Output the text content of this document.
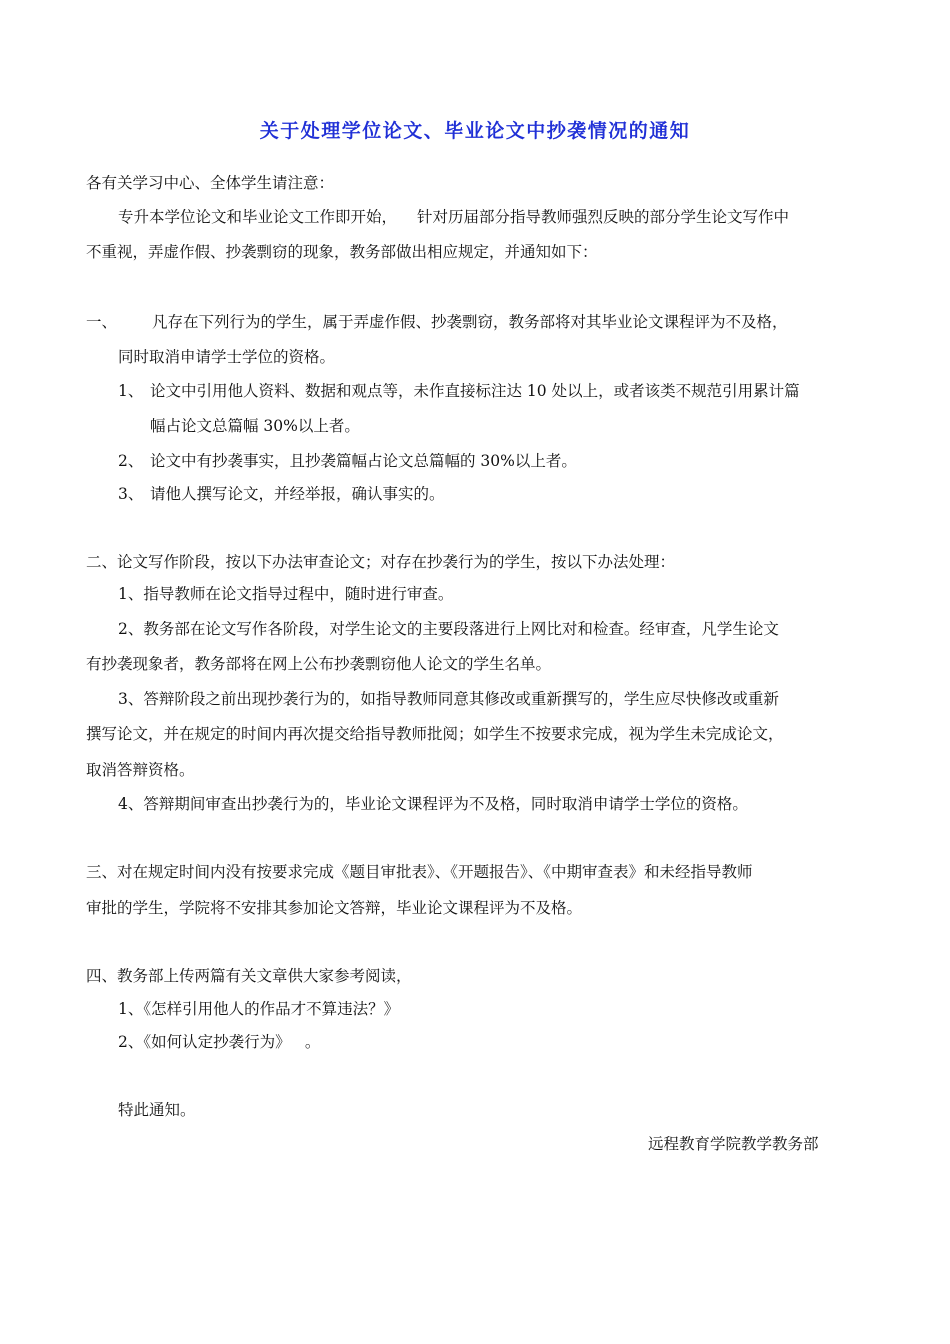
关于处理学位论文、毕业论文中抄袭情况的通知
各有关学习中心、全体学生请注意：
专升本学位论文和毕业论文工作即开始， 针对历届部分指导教师强烈反映的部分学生论文写作中
不重视，弄虚作假、抄袭剽窃的现象，教务部做出相应规定，并通知如下：
一、 凡存在下列行为的学生，属于弄虚作假、抄袭剽窃，教务部将对其毕业论文课程评为不及格，
同时取消申请学士学位的资格。
1、 论文中引用他人资料、数据和观点等，未作直接标注达 10 处以上，或者该类不规范引用累计篇
幅占论文总篇幅 30%以上者。
2、 论文中有抄袭事实，且抄袭篇幅占论文总篇幅的 30%以上者。
3、 请他人撰写论文，并经举报，确认事实的。
二、论文写作阶段，按以下办法审查论文；对存在抄袭行为的学生，按以下办法处理：
1、指导教师在论文指导过程中，随时进行审查。
2、教务部在论文写作各阶段，对学生论文的主要段落进行上网比对和检查。经审查，凡学生论文
有抄袭现象者，教务部将在网上公布抄袭剽窃他人论文的学生名单。
3、答辩阶段之前出现抄袭行为的，如指导教师同意其修改或重新撰写的，学生应尽快修改或重新
撰写论文，并在规定的时间内再次提交给指导教师批阅；如学生不按要求完成，视为学生未完成论文，
取消答辩资格。
4、答辩期间审查出抄袭行为的，毕业论文课程评为不及格，同时取消申请学士学位的资格。
三、对在规定时间内没有按要求完成《题目审批表》、《开题报告》、《中期审查表》和未经指导教师
审批的学生，学院将不安排其参加论文答辩，毕业论文课程评为不及格。
四、教务部上传两篇有关文章供大家参考阅读，
1、《怎样引用他人的作品才不算违法？》
2、《如何认定抄袭行为》 。
特此通知。
远程教育学院教学教务部
